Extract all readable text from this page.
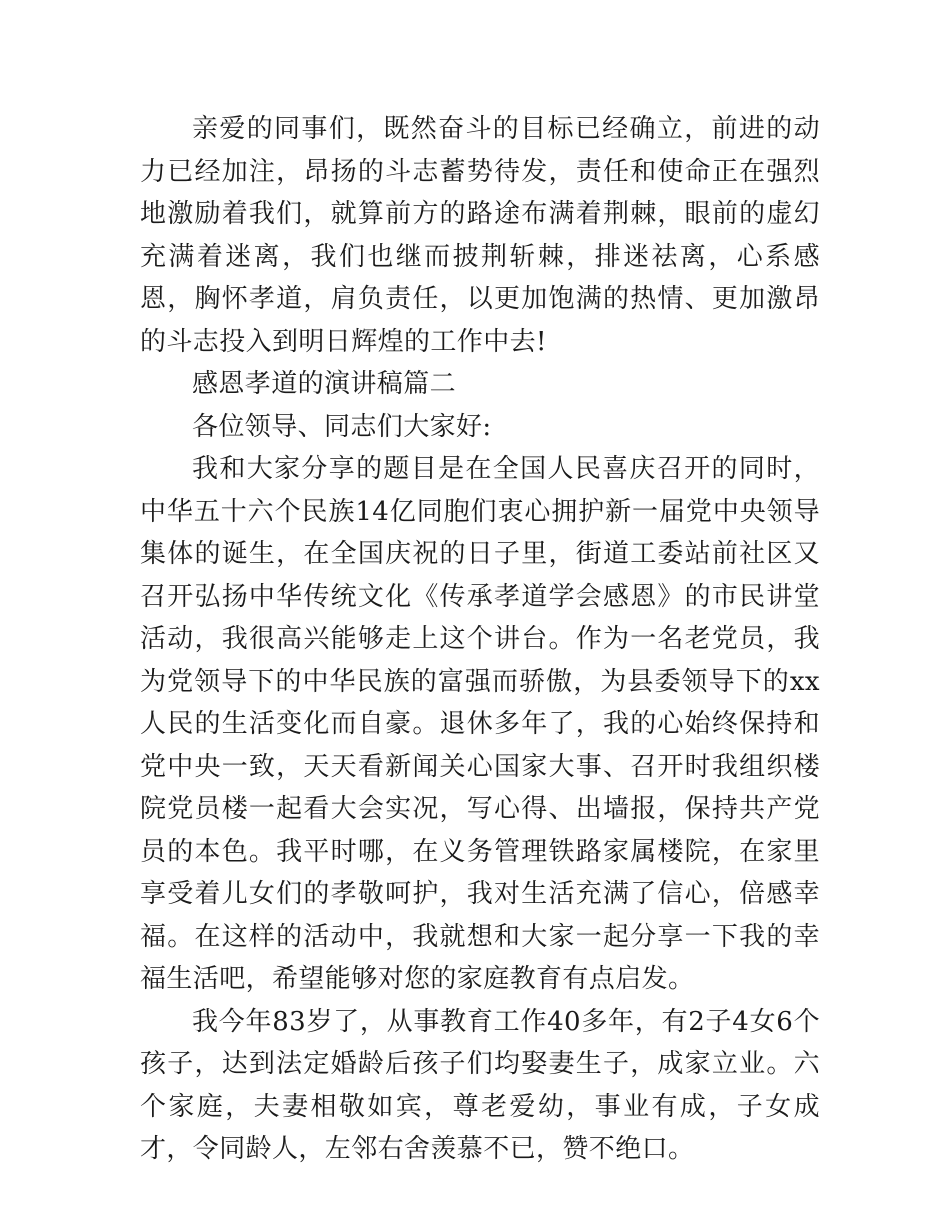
亲爱的同事们，既然奋斗的目标已经确立，前进的动力已经加注，昂扬的斗志蓄势待发，责任和使命正在强烈地激励着我们，就算前方的路途布满着荆棘，眼前的虚幻充满着迷离，我们也继而披荆斩棘，排迷祛离，心系感恩，胸怀孝道，肩负责任，以更加饱满的热情、更加激昂的斗志投入到明日辉煌的工作中去!

感恩孝道的演讲稿篇二

各位领导、同志们大家好:

我和大家分享的题目是在全国人民喜庆召开的同时，中华五十六个民族14亿同胞们衷心拥护新一届党中央领导集体的诞生，在全国庆祝的日子里，街道工委站前社区又召开弘扬中华传统文化《传承孝道学会感恩》的市民讲堂活动，我很高兴能够走上这个讲台。作为一名老党员，我为党领导下的中华民族的富强而骄傲，为县委领导下的xx人民的生活变化而自豪。退休多年了，我的心始终保持和党中央一致，天天看新闻关心国家大事、召开时我组织楼院党员楼一起看大会实况，写心得、出墙报，保持共产党员的本色。我平时哪，在义务管理铁路家属楼院，在家里享受着儿女们的孝敬呵护，我对生活充满了信心，倍感幸福。在这样的活动中，我就想和大家一起分享一下我的幸福生活吧，希望能够对您的家庭教育有点启发。

我今年83岁了，从事教育工作40多年，有2子4女6个孩子，达到法定婚龄后孩子们均娶妻生子，成家立业。六个家庭，夫妻相敬如宾，尊老爱幼，事业有成，子女成才，令同龄人，左邻右舍羡慕不已，赞不绝口。
